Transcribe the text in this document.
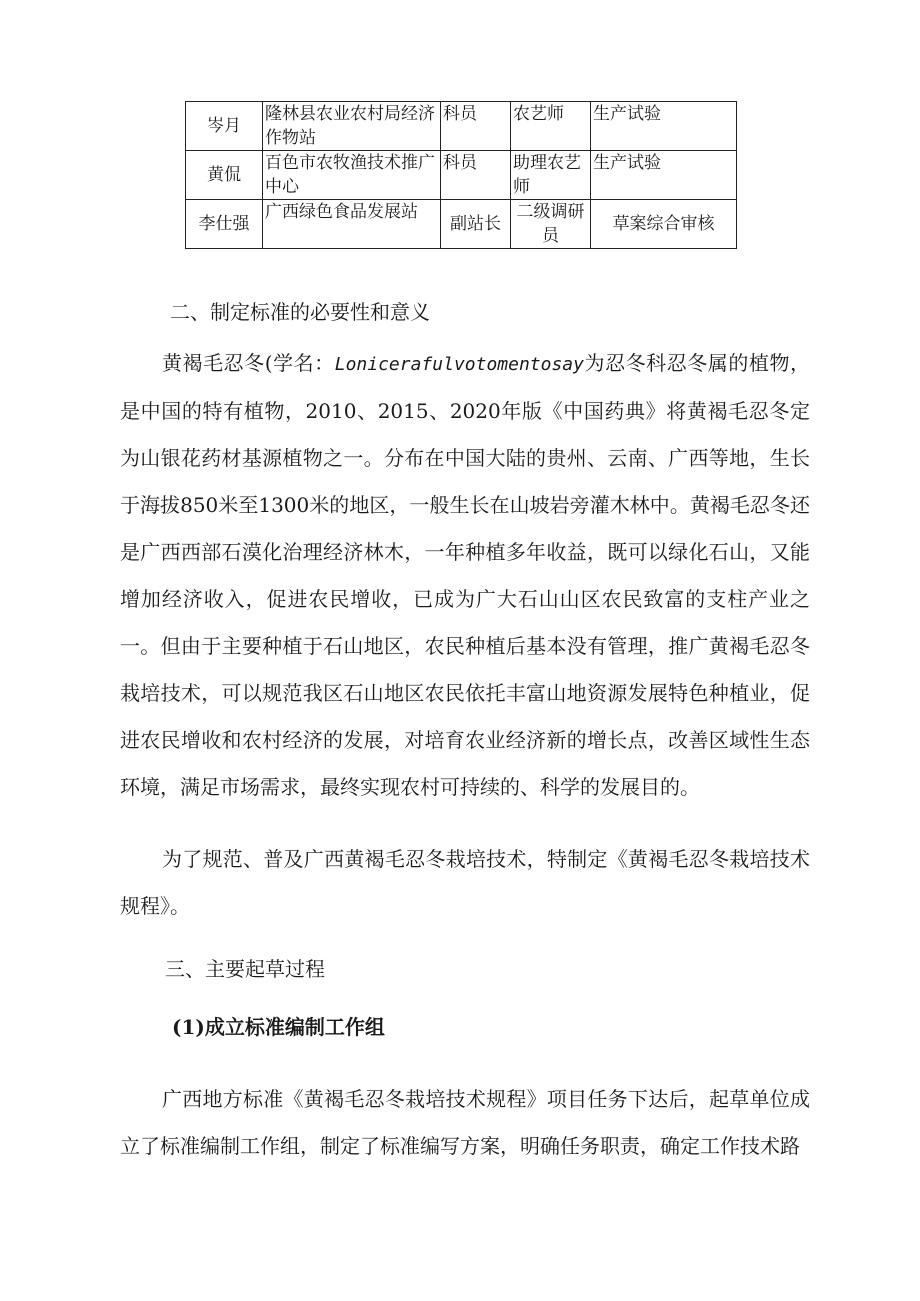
岑月	隆林县农业农村局经济作物站	科员	农艺师	生产试验
黄侃	百色市农牧渔技术推广中心	科员	助理农艺师	生产试验
李仕强	广西绿色食品发展站	副站长	二级调研员	草案综合审核
二、制定标准的必要性和意义

黄褐毛忍冬(学名：Lonicerafulvotomentosay为忍冬科忍冬属的植物，是中国的特有植物，2010、2015、2020年版《中国药典》将黄褐毛忍冬定为山银花药材基源植物之一。分布在中国大陆的贵州、云南、广西等地，生长于海拔850米至1300米的地区，一般生长在山坡岩旁灌木林中。黄褐毛忍冬还是广西西部石漠化治理经济林木，一年种植多年收益，既可以绿化石山，又能增加经济收入，促进农民增收，已成为广大石山山区农民致富的支柱产业之一。但由于主要种植于石山地区，农民种植后基本没有管理，推广黄褐毛忍冬栽培技术，可以规范我区石山地区农民依托丰富山地资源发展特色种植业，促进农民增收和农村经济的发展，对培育农业经济新的增长点，改善区域性生态环境，满足市场需求，最终实现农村可持续的、科学的发展目的。

为了规范、普及广西黄褐毛忍冬栽培技术，特制定《黄褐毛忍冬栽培技术规程》。

三、主要起草过程
(1)成立标准编制工作组

广西地方标准《黄褐毛忍冬栽培技术规程》项目任务下达后，起草单位成立了标准编制工作组，制定了标准编写方案，明确任务职责，确定工作技术路
